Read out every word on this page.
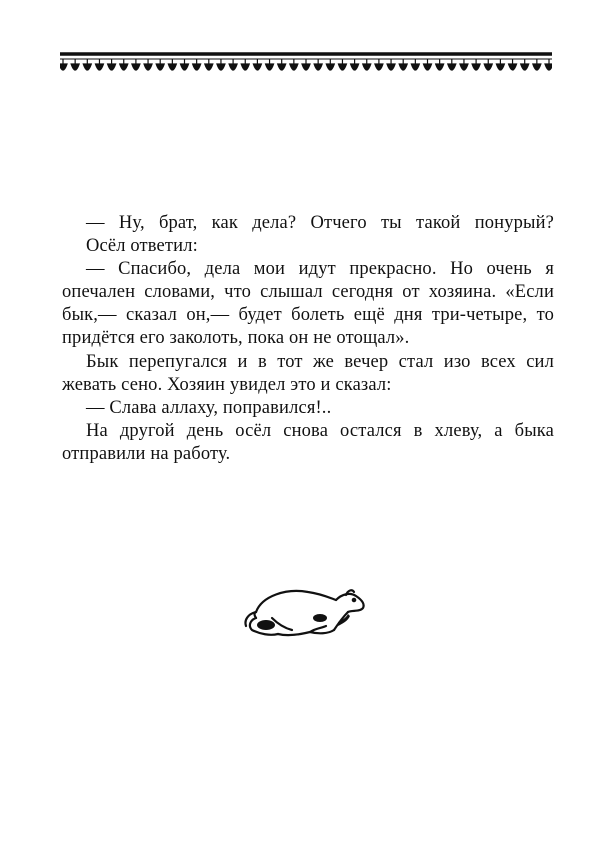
— Ну, брат, как дела? Отчего ты такой понурый?

Осёл ответил:

— Спасибо, дела мои идут прекрасно. Но очень я опечален словами, что слышал сегодня от хозяина. «Если бык,— сказал он,— будет болеть ещё дня три-четыре, то придётся его заколоть, пока он не отощал».

Бык перепугался и в тот же вечер стал изо всех сил жевать сено. Хозяин увидел это и сказал:

— Слава аллаху, поправился!..

На другой день осёл снова остался в хлеву, а быка отправили на работу.
